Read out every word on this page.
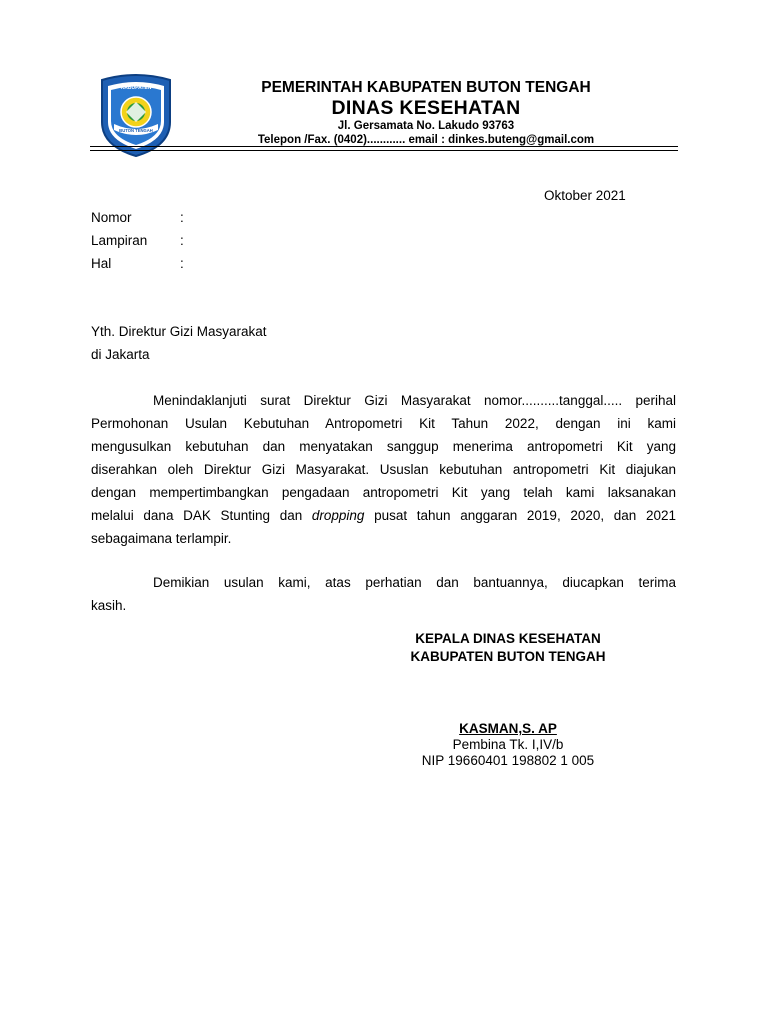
KABUPATEN
BUTON TENGAH
PEMERINTAH KABUPATEN BUTON TENGAH
DINAS KESEHATAN
Jl. Gersamata No. Lakudo 93763
Telepon /Fax. (0402)............ email : dinkes.buteng@gmail.com
Oktober 2021
Nomor	:
Lampiran :
Hal	:
Yth. Direktur Gizi Masyarakat
di Jakarta
Menindaklanjuti surat Direktur Gizi Masyarakat nomor..........tanggal..... perihal
Permohonan Usulan Kebutuhan Antropometri Kit Tahun 2022, dengan ini kami
mengusulkan kebutuhan dan menyatakan sanggup menerima antropometri Kit yang
diserahkan oleh Direktur Gizi Masyarakat. Ususlan kebutuhan antropometri Kit diajukan
dengan mempertimbangkan pengadaan antropometri Kit yang telah kami laksanakan
melalui dana DAK Stunting dan dropping pusat tahun anggaran 2019, 2020, dan 2021
sebagaimana terlampir.
Demikian usulan kami, atas perhatian dan bantuannya, diucapkan terima
kasih.
KEPALA DINAS KESEHATAN
KABUPATEN BUTON TENGAH
KASMAN,S. AP
Pembina Tk. I,IV/b
NIP 19660401 198802 1 005
